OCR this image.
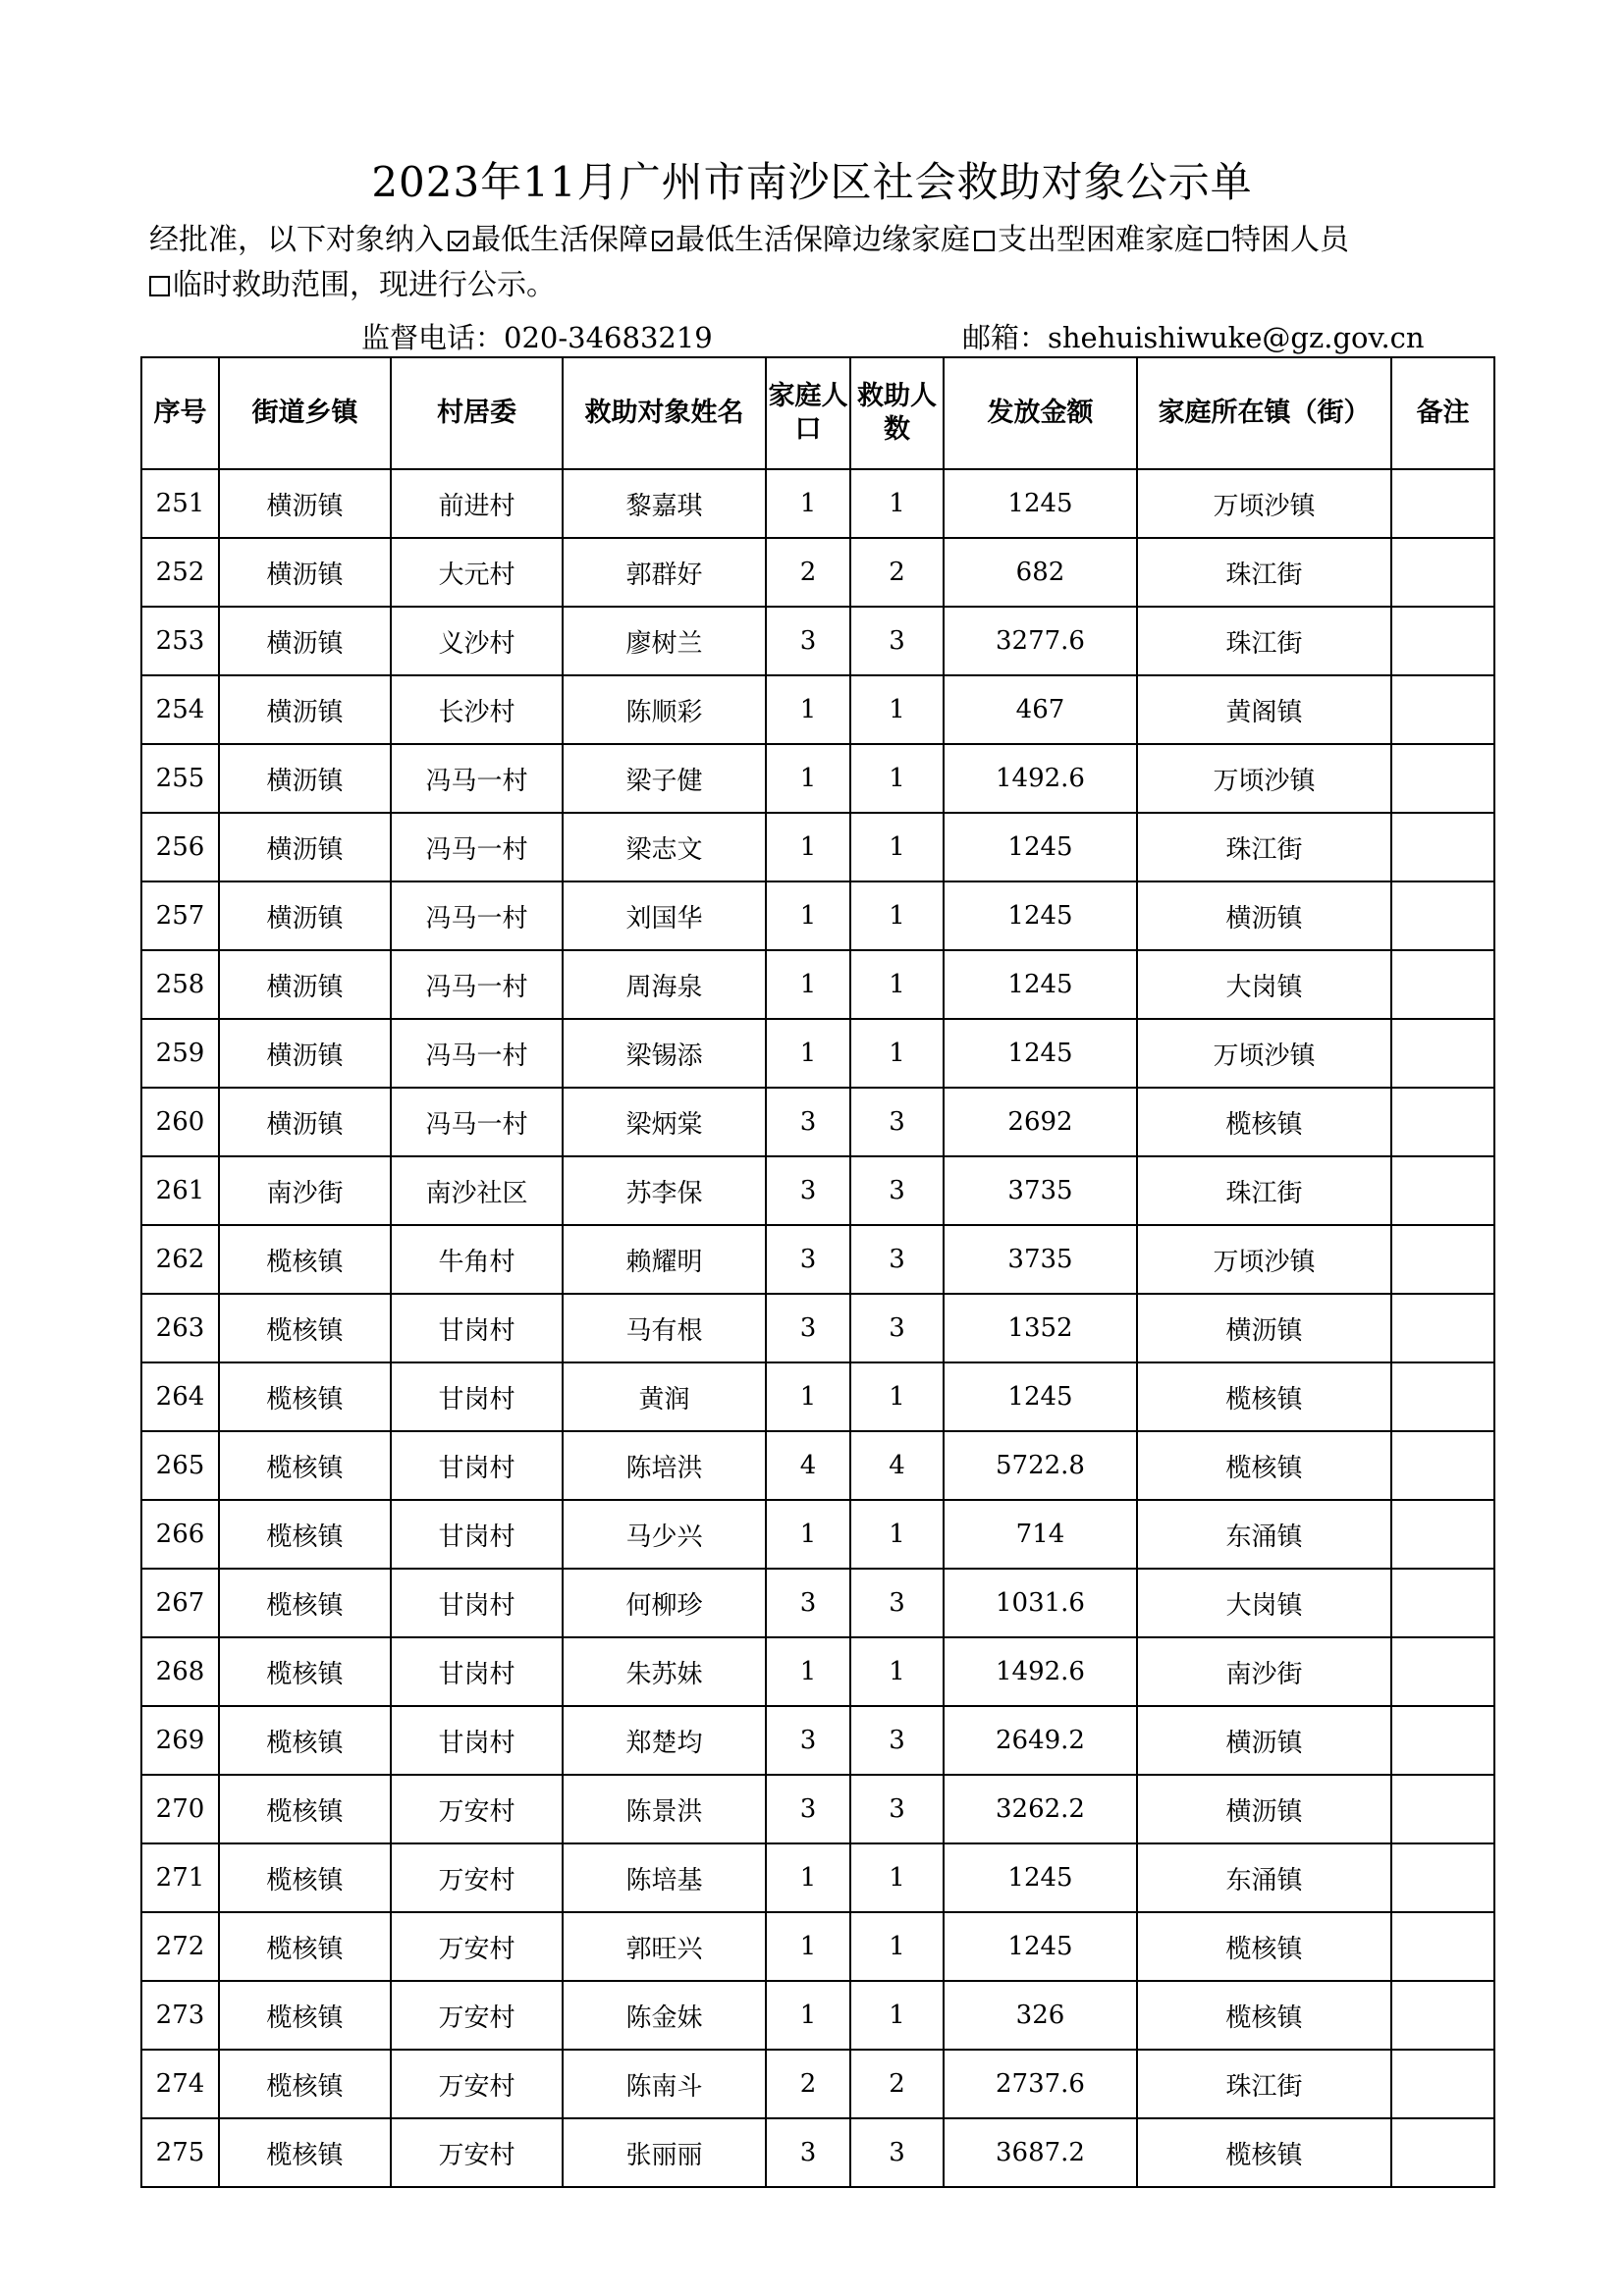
2023年11月广州市南沙区社会救助对象公示单
经批准，以下对象纳入 最低生活保障 最低生活保障边缘家庭 支出型困难家庭 特困人员
临时救助范围，现进行公示。
监督电话：020-34683219	邮箱：shehuishiwuke@gz.gov.cn
序号	街道乡镇	村居委	救助对象姓名	家庭人口	救助人数	发放金额	家庭所在镇（街）	备注
251	横沥镇	前进村	黎嘉琪	1	1	1245	万顷沙镇	
252	横沥镇	大元村	郭群好	2	2	682	珠江街	
253	横沥镇	义沙村	廖树兰	3	3	3277.6	珠江街	
254	横沥镇	长沙村	陈顺彩	1	1	467	黄阁镇	
255	横沥镇	冯马一村	梁子健	1	1	1492.6	万顷沙镇	
256	横沥镇	冯马一村	梁志文	1	1	1245	珠江街	
257	横沥镇	冯马一村	刘国华	1	1	1245	横沥镇	
258	横沥镇	冯马一村	周海泉	1	1	1245	大岗镇	
259	横沥镇	冯马一村	梁锡添	1	1	1245	万顷沙镇	
260	横沥镇	冯马一村	梁炳棠	3	3	2692	榄核镇	
261	南沙街	南沙社区	苏李保	3	3	3735	珠江街	
262	榄核镇	牛角村	赖耀明	3	3	3735	万顷沙镇	
263	榄核镇	甘岗村	马有根	3	3	1352	横沥镇	
264	榄核镇	甘岗村	黄润	1	1	1245	榄核镇	
265	榄核镇	甘岗村	陈培洪	4	4	5722.8	榄核镇	
266	榄核镇	甘岗村	马少兴	1	1	714	东涌镇	
267	榄核镇	甘岗村	何柳珍	3	3	1031.6	大岗镇	
268	榄核镇	甘岗村	朱苏妹	1	1	1492.6	南沙街	
269	榄核镇	甘岗村	郑楚均	3	3	2649.2	横沥镇	
270	榄核镇	万安村	陈景洪	3	3	3262.2	横沥镇	
271	榄核镇	万安村	陈培基	1	1	1245	东涌镇	
272	榄核镇	万安村	郭旺兴	1	1	1245	榄核镇	
273	榄核镇	万安村	陈金妹	1	1	326	榄核镇	
274	榄核镇	万安村	陈南斗	2	2	2737.6	珠江街	
275	榄核镇	万安村	张丽丽	3	3	3687.2	榄核镇	
